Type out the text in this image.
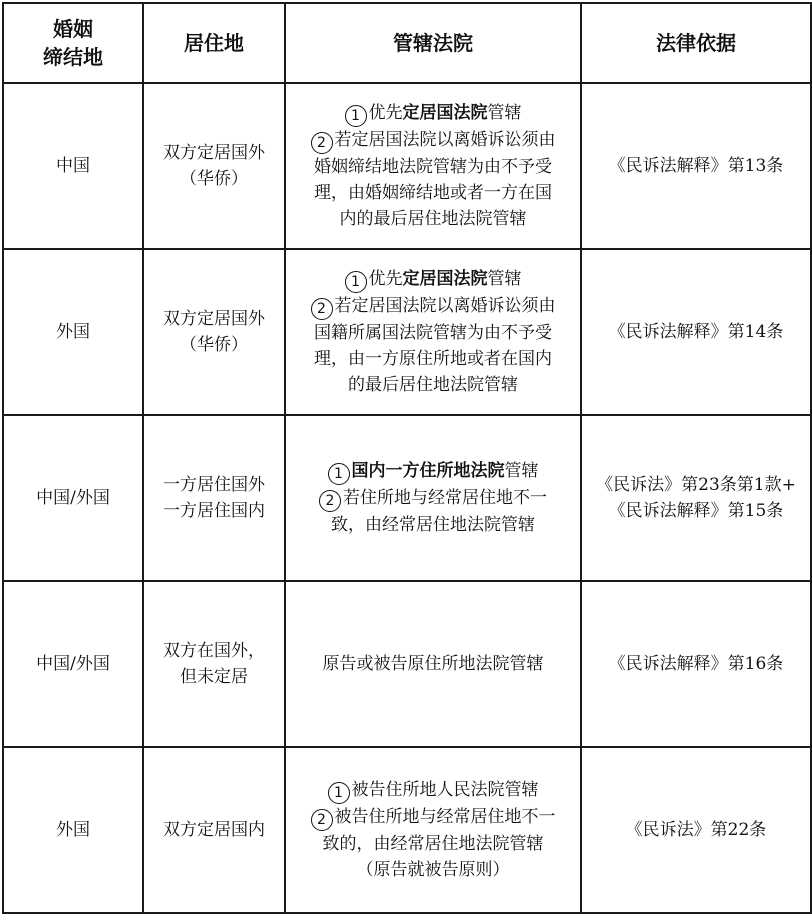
婚姻
缔结地	居住地	管辖法院	法律依据
中国	双方定居国外
（华侨）	1 优先定居国法院管辖
2 若定居国法院以离婚诉讼须由
婚姻缔结地法院管辖为由不予受
理，由婚姻缔结地或者一方在国
内的最后居住地法院管辖	《民诉法解释》第13条

外国	双方定居国外
（华侨）	1 优先定居国法院管辖
2 若定居国法院以离婚诉讼须由
国籍所属国法院管辖为由不予受
理，由一方原住所地或者在国内
的最后居住地法院管辖	《民诉法解释》第14条

中国/外国	一方居住国外
一方居住国内	1 国内一方住所地法院管辖
2 若住所地与经常居住地不一
致，由经常居住地法院管辖	《民诉法》第23条第1款+
《民诉法解释》第15条

中国/外国	双方在国外，
但未定居	原告或被告原住所地法院管辖	《民诉法解释》第16条

外国	双方定居国内	1 被告住所地人民法院管辖
2 被告住所地与经常居住地不一
致的，由经常居住地法院管辖
（原告就被告原则）	《民诉法》第22条
